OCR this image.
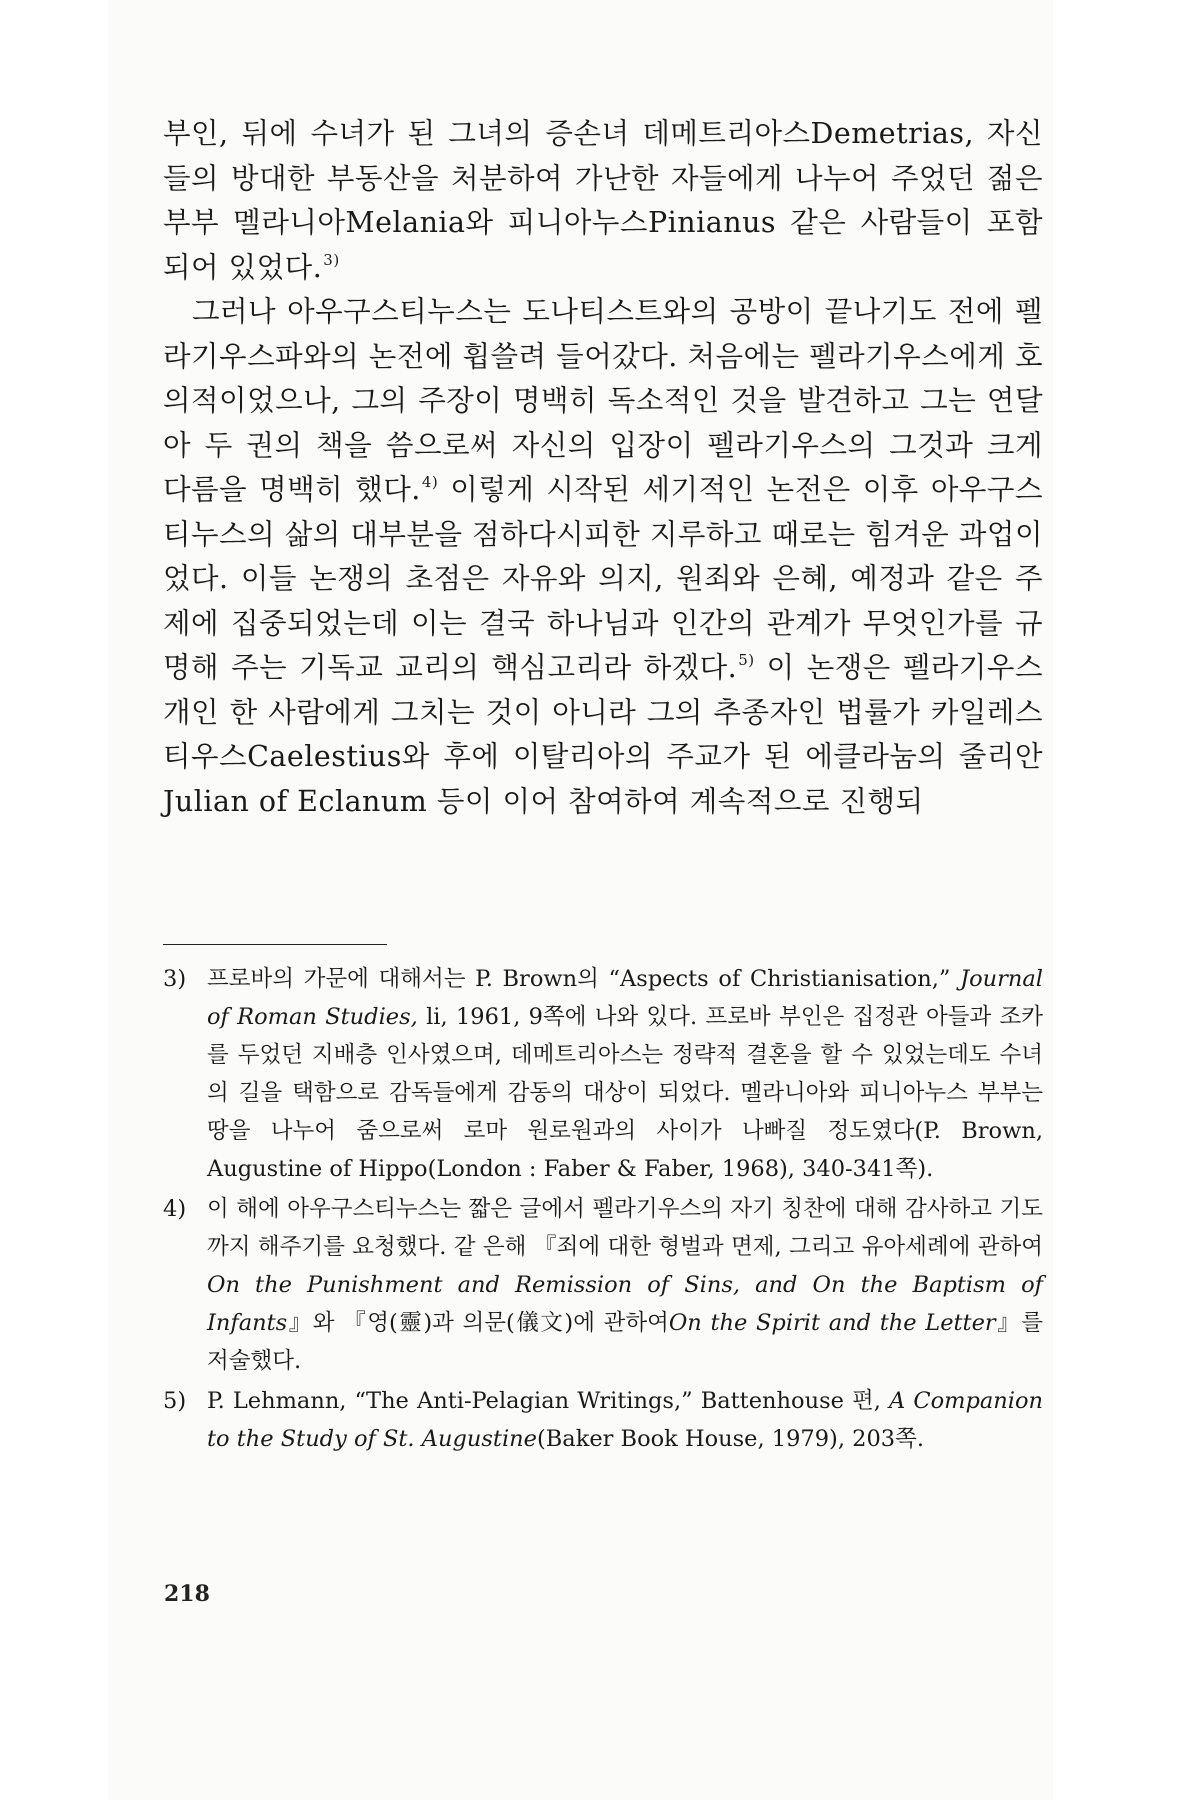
부인, 뒤에 수녀가 된 그녀의 증손녀 데메트리아스Demetrias, 자신들의 방대한 부동산을 처분하여 가난한 자들에게 나누어 주었던 젊은 부부 멜라니아Melania와 피니아누스Pinianus 같은 사람들이 포함되어 있었다.$^{3)}$

그러나 아우구스티누스는 도나티스트와의 공방이 끝나기도 전에 펠라기우스파와의 논전에 휩쓸려 들어갔다. 처음에는 펠라기우스에게 호의적이었으나, 그의 주장이 명백히 독소적인 것을 발견하고 그는 연달아 두 권의 책을 씀으로써 자신의 입장이 펠라기우스의 그것과 크게 다름을 명백히 했다.$^{4)}$ 이렇게 시작된 세기적인 논전은 이후 아우구스티누스의 삶의 대부분을 점하다시피한 지루하고 때로는 힘겨운 과업이었다. 이들 논쟁의 초점은 자유와 의지, 원죄와 은혜, 예정과 같은 주제에 집중되었는데 이는 결국 하나님과 인간의 관계가 무엇인가를 규명해 주는 기독교 교리의 핵심고리라 하겠다.$^{5)}$ 이 논쟁은 펠라기우스 개인 한 사람에게 그치는 것이 아니라 그의 추종자인 법률가 카일레스티우스Caelestius와 후에 이탈리아의 주교가 된 에클라눔의 줄리안Julian of Eclanum 등이 이어 참여하여 계속적으로 진행되

3) 프로바의 가문에 대해서는 P. Brown의 “Aspects of Christianisation,” Journal of Roman Studies, li, 1961, 9쪽에 나와 있다. 프로바 부인은 집정관 아들과 조카를 두었던 지배층 인사였으며, 데메트리아스는 정략적 결혼을 할 수 있었는데도 수녀의 길을 택함으로 감독들에게 감동의 대상이 되었다. 멜라니아와 피니아누스 부부는 땅을 나누어 줌으로써 로마 원로원과의 사이가 나빠질 정도였다(P. Brown, Augustine of Hippo(London : Faber & Faber, 1968), 340-341쪽).

4) 이 해에 아우구스티누스는 짧은 글에서 펠라기우스의 자기 칭찬에 대해 감사하고 기도까지 해주기를 요청했다. 같 은해 『죄에 대한 형벌과 면제, 그리고 유아세례에 관하여On the Punishment and Remission of Sins, and On the Baptism of Infants』와 『영(靈)과 의문(儀文)에 관하여On the Spirit and the Letter』를 저술했다.

5) P. Lehmann, “The Anti-Pelagian Writings,” Battenhouse 편, A Companion to the Study of St. Augustine(Baker Book House, 1979), 203쪽.

218
